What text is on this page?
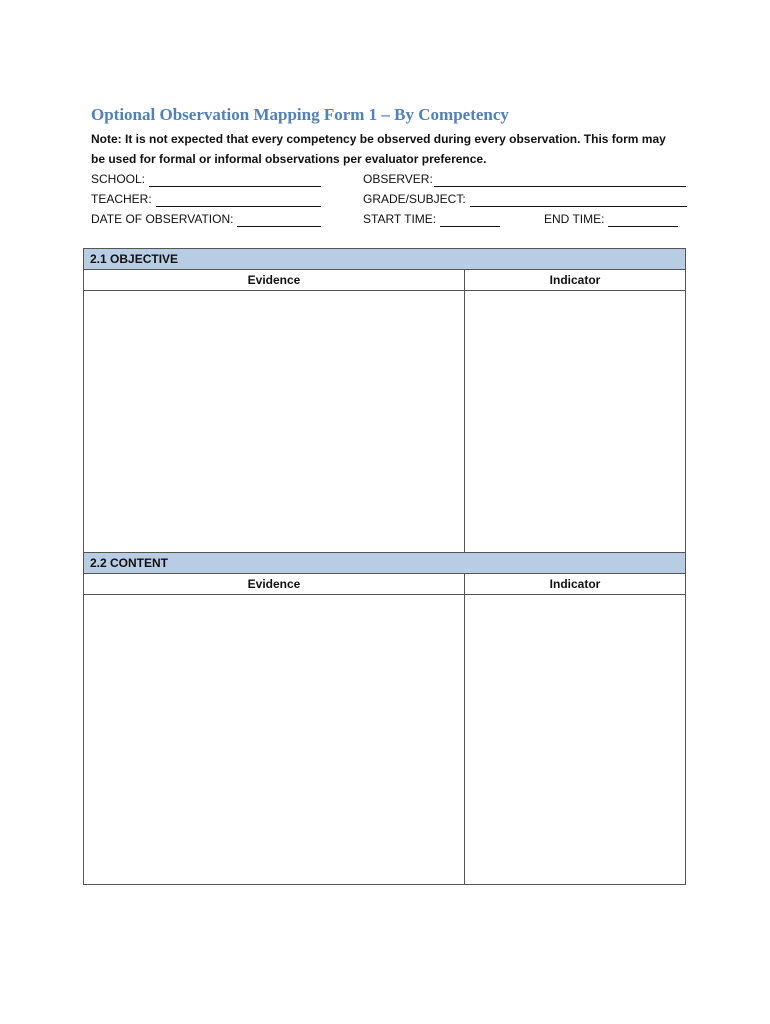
Optional Observation Mapping Form 1 – By Competency
Note: It is not expected that every competency be observed during every observation. This form may
be used for formal or informal observations per evaluator preference.
SCHOOL:	OBSERVER:
TEACHER:	GRADE/SUBJECT:
DATE OF OBSERVATION:	START TIME:	END TIME:
2.1 OBJECTIVE
Evidence	Indicator
2.2 CONTENT
Evidence	Indicator
